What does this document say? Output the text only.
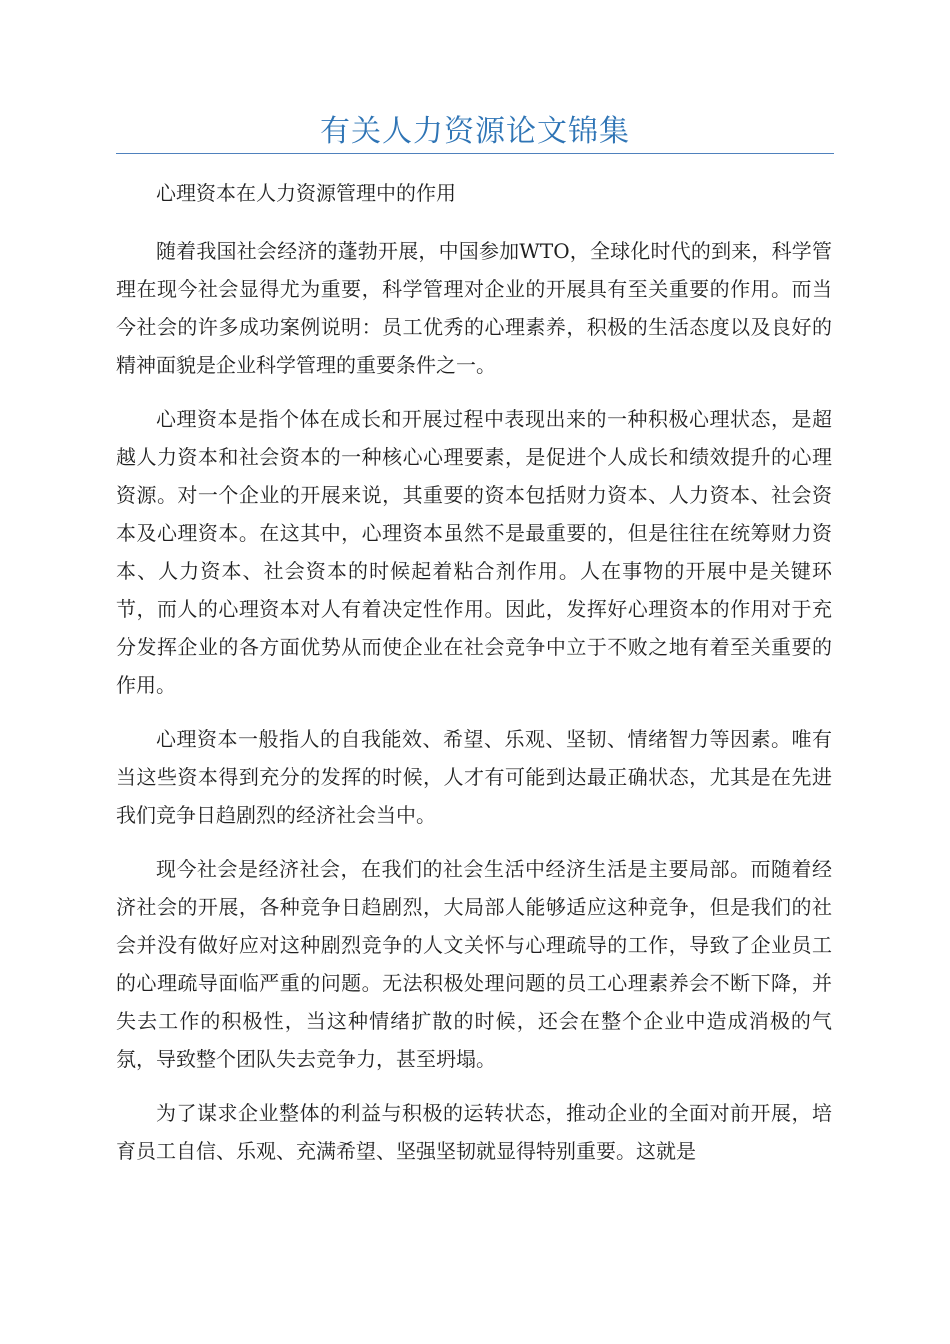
有关人力资源论文锦集

心理资本在人力资源管理中的作用

随着我国社会经济的蓬勃开展，中国参加WTO，全球化时代的到来，科学管理在现今社会显得尤为重要，科学管理对企业的开展具有至关重要的作用。而当今社会的许多成功案例说明：员工优秀的心理素养，积极的生活态度以及良好的精神面貌是企业科学管理的重要条件之一。

心理资本是指个体在成长和开展过程中表现出来的一种积极心理状态，是超越人力资本和社会资本的一种核心心理要素，是促进个人成长和绩效提升的心理资源。对一个企业的开展来说，其重要的资本包括财力资本、人力资本、社会资本及心理资本。在这其中，心理资本虽然不是最重要的，但是往往在统筹财力资本、人力资本、社会资本的时候起着粘合剂作用。人在事物的开展中是关键环节，而人的心理资本对人有着决定性作用。因此，发挥好心理资本的作用对于充分发挥企业的各方面优势从而使企业在社会竞争中立于不败之地有着至关重要的作用。

心理资本一般指人的自我能效、希望、乐观、坚韧、情绪智力等因素。唯有当这些资本得到充分的发挥的时候，人才有可能到达最正确状态，尤其是在先进我们竞争日趋剧烈的经济社会当中。

现今社会是经济社会，在我们的社会生活中经济生活是主要局部。而随着经济社会的开展，各种竞争日趋剧烈，大局部人能够适应这种竞争，但是我们的社会并没有做好应对这种剧烈竞争的人文关怀与心理疏导的工作，导致了企业员工的心理疏导面临严重的问题。无法积极处理问题的员工心理素养会不断下降，并失去工作的积极性，当这种情绪扩散的时候，还会在整个企业中造成消极的气氛，导致整个团队失去竞争力，甚至坍塌。

为了谋求企业整体的利益与积极的运转状态，推动企业的全面对前开展，培育员工自信、乐观、充满希望、坚强坚韧就显得特别重要。这就是
